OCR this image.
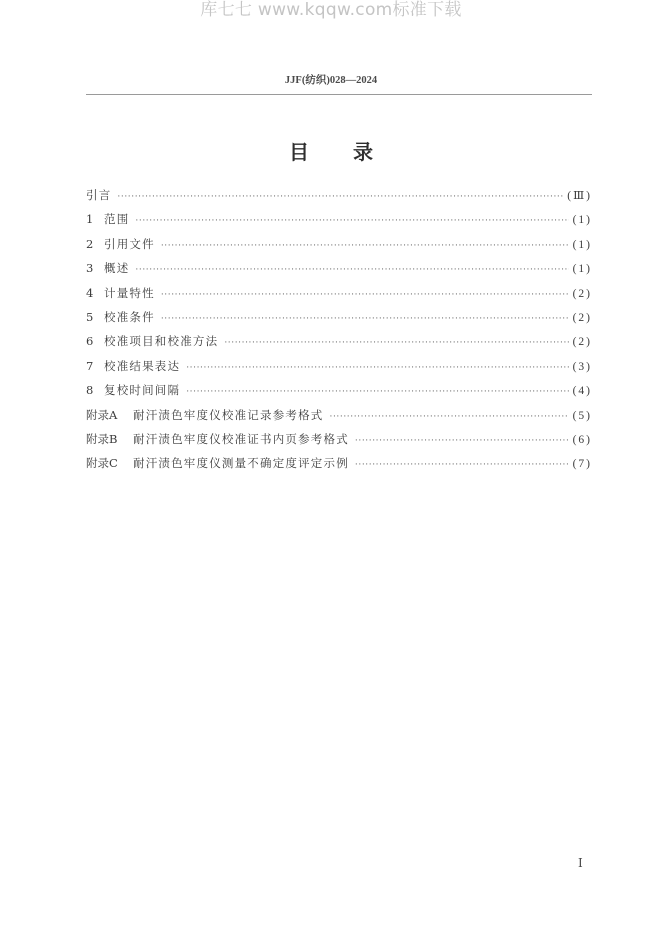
库七七 www.kqqw.com标准下载
JJF(纺织)028—2024
目 录
引言 ·····	(Ⅲ)
1 范围 ·····	(1)
2 引用文件 ·····	(1)
3 概述 ·····	(1)
4 计量特性 ·····	(2)
5 校准条件 ·····	(2)
6 校准项目和校准方法 ·····	(2)
7 校准结果表达 ·····	(3)
8 复校时间间隔 ·····	(4)
附录A	耐汗渍色牢度仪校准记录参考格式 ·····	(5)
附录B	耐汗渍色牢度仪校准证书内页参考格式 ·····	(6)
附录C	耐汗渍色牢度仪测量不确定度评定示例 ·····	(7)
Ⅰ
